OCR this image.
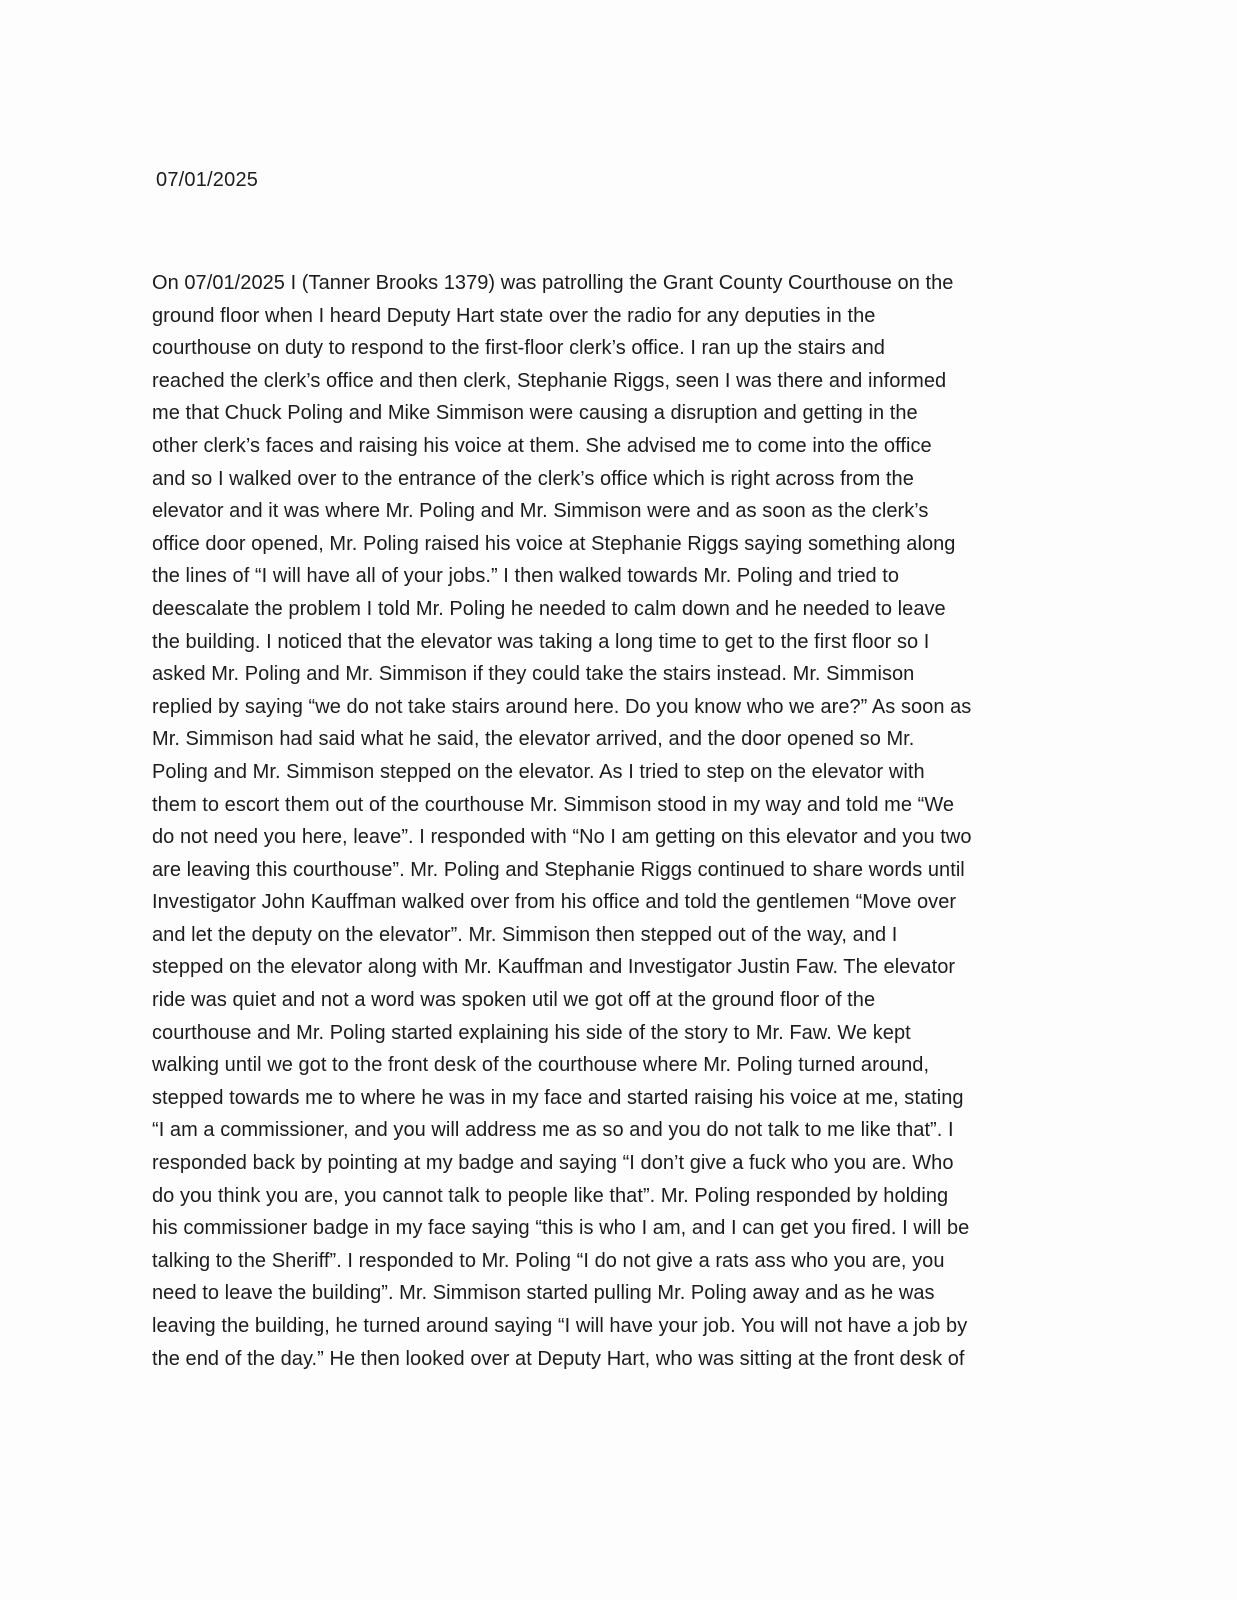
07/01/2025
On 07/01/2025 I (Tanner Brooks 1379) was patrolling the Grant County Courthouse on the
ground floor when I heard Deputy Hart state over the radio for any deputies in the
courthouse on duty to respond to the first-floor clerk’s office. I ran up the stairs and
reached the clerk’s office and then clerk, Stephanie Riggs, seen I was there and informed
me that Chuck Poling and Mike Simmison were causing a disruption and getting in the
other clerk’s faces and raising his voice at them. She advised me to come into the office
and so I walked over to the entrance of the clerk’s office which is right across from the
elevator and it was where Mr. Poling and Mr. Simmison were and as soon as the clerk’s
office door opened, Mr. Poling raised his voice at Stephanie Riggs saying something along
the lines of “I will have all of your jobs.” I then walked towards Mr. Poling and tried to
deescalate the problem I told Mr. Poling he needed to calm down and he needed to leave
the building. I noticed that the elevator was taking a long time to get to the first floor so I
asked Mr. Poling and Mr. Simmison if they could take the stairs instead. Mr. Simmison
replied by saying “we do not take stairs around here. Do you know who we are?” As soon as
Mr. Simmison had said what he said, the elevator arrived, and the door opened so Mr.
Poling and Mr. Simmison stepped on the elevator. As I tried to step on the elevator with
them to escort them out of the courthouse Mr. Simmison stood in my way and told me “We
do not need you here, leave”. I responded with “No I am getting on this elevator and you two
are leaving this courthouse”. Mr. Poling and Stephanie Riggs continued to share words until
Investigator John Kauffman walked over from his office and told the gentlemen “Move over
and let the deputy on the elevator”. Mr. Simmison then stepped out of the way, and I
stepped on the elevator along with Mr. Kauffman and Investigator Justin Faw. The elevator
ride was quiet and not a word was spoken util we got off at the ground floor of the
courthouse and Mr. Poling started explaining his side of the story to Mr. Faw. We kept
walking until we got to the front desk of the courthouse where Mr. Poling turned around,
stepped towards me to where he was in my face and started raising his voice at me, stating
“I am a commissioner, and you will address me as so and you do not talk to me like that”. I
responded back by pointing at my badge and saying “I don’t give a fuck who you are. Who
do you think you are, you cannot talk to people like that”. Mr. Poling responded by holding
his commissioner badge in my face saying “this is who I am, and I can get you fired. I will be
talking to the Sheriff”. I responded to Mr. Poling “I do not give a rats ass who you are, you
need to leave the building”. Mr. Simmison started pulling Mr. Poling away and as he was
leaving the building, he turned around saying “I will have your job. You will not have a job by
the end of the day.” He then looked over at Deputy Hart, who was sitting at the front desk of
